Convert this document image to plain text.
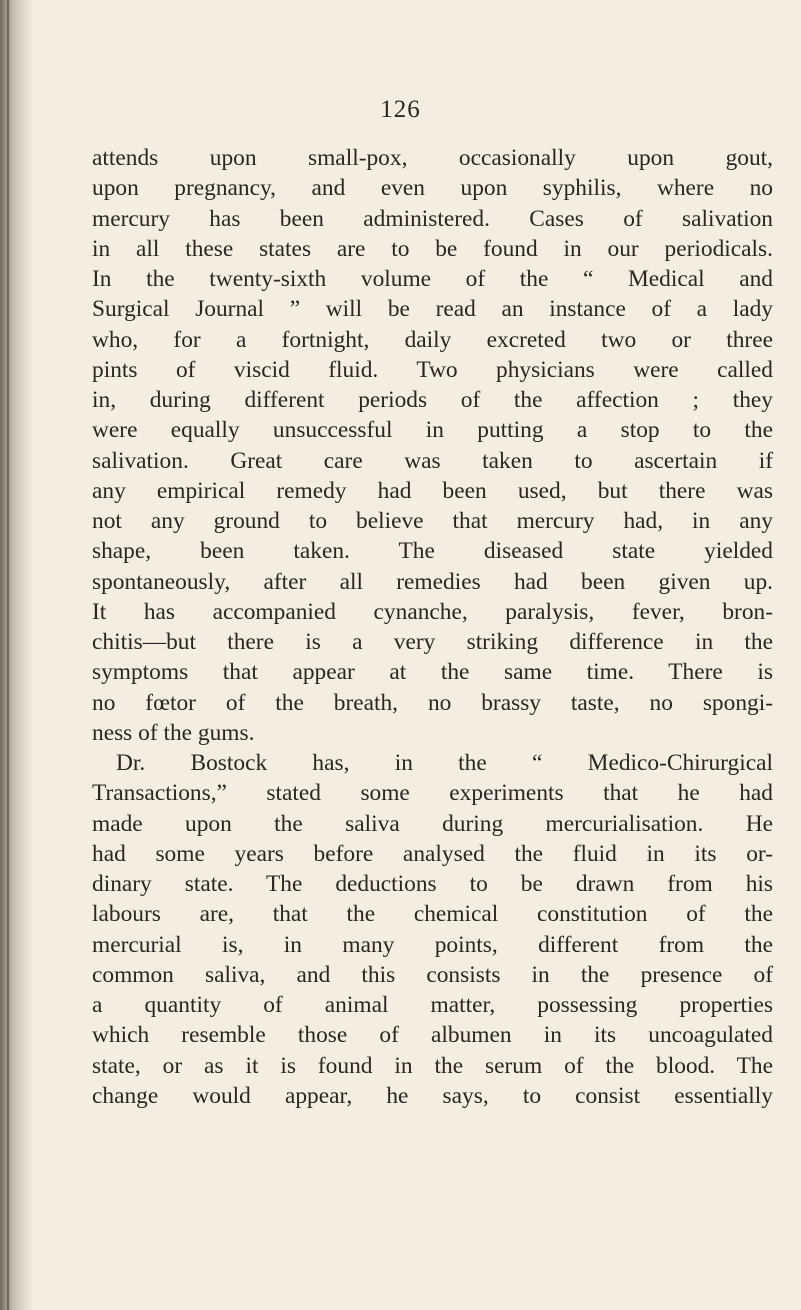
126
attends upon small-pox, occasionally upon gout,
upon pregnancy, and even upon syphilis, where no
mercury has been administered. Cases of salivation
in all these states are to be found in our periodicals.
In the twenty-sixth volume of the “ Medical and
Surgical Journal ” will be read an instance of a lady
who, for a fortnight, daily excreted two or three
pints of viscid fluid. Two physicians were called
in, during different periods of the affection ; they
were equally unsuccessful in putting a stop to the
salivation. Great care was taken to ascertain if
any empirical remedy had been used, but there was
not any ground to believe that mercury had, in any
shape, been taken. The diseased state yielded
spontaneously, after all remedies had been given up.
It has accompanied cynanche, paralysis, fever, bron-
chitis—but there is a very striking difference in the
symptoms that appear at the same time. There is
no fœtor of the breath, no brassy taste, no spongi-
ness of the gums.
Dr. Bostock has, in the “ Medico-Chirurgical
Transactions,” stated some experiments that he had
made upon the saliva during mercurialisation. He
had some years before analysed the fluid in its or-
dinary state. The deductions to be drawn from his
labours are, that the chemical constitution of the
mercurial is, in many points, different from the
common saliva, and this consists in the presence of
a quantity of animal matter, possessing properties
which resemble those of albumen in its uncoagulated
state, or as it is found in the serum of the blood. The
change would appear, he says, to consist essentially
